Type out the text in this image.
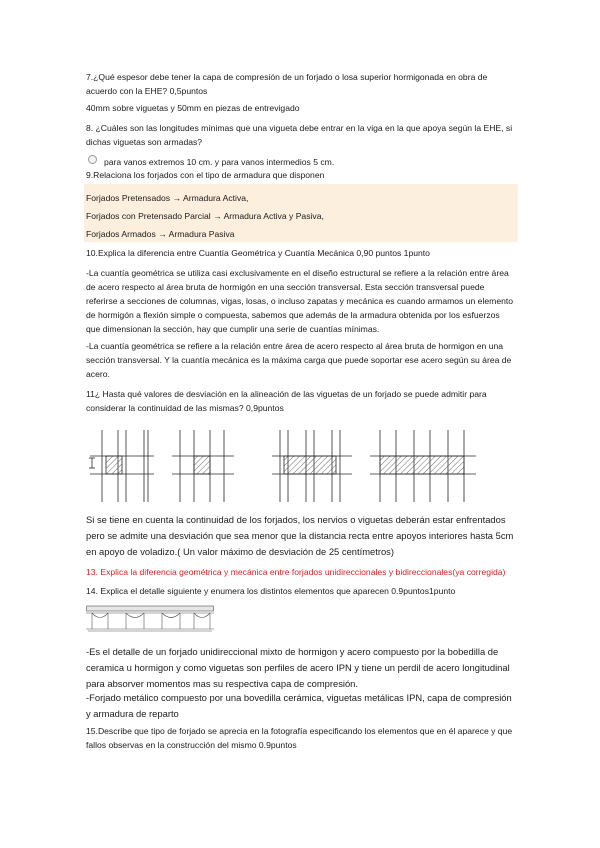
7.¿Qué espesor debe tener la capa de compresión de un forjado o losa superior hormigonada en obra de acuerdo con la EHE? 0,5puntos
40mm sobre viguetas y 50mm en piezas de entrevigado
8. ¿Cuáles son las longitudes mínimas que una vigueta debe entrar en la viga en la que apoya según la EHE, si dichas viguetas son armadas?
para vanos extremos 10 cm. y para vanos intermedios 5 cm.
9.Relaciona los forjados con el tipo de armadura que disponen
Forjados Pretensados → Armadura Activa,
Forjados con Pretensado Parcial → Armadura Activa y Pasiva,
Forjados Armados → Armadura Pasiva
10.Explica la diferencia entre Cuantía Geométrica y Cuantía Mecánica 0,90 puntos 1punto
-La cuantía geométrica se utiliza casi exclusivamente en el diseño estructural se refiere a la relación entre área de acero respecto al área bruta de hormigón en una sección transversal. Esta sección transversal puede referirse a secciones de columnas, vigas, losas, o incluso zapatas y mecánica es cuando armamos un elemento de hormigón a flexión simple o compuesta, sabemos que además de la armadura obtenida por los esfuerzos que dimensionan la sección, hay que cumplir una serie de cuantías mínimas.
-La cuantía geométrica se refiere a la relación entre área de acero respecto al área bruta de hormigon en una sección transversal. Y la cuantía mecánica es la máxima carga que puede soportar ese acero según su área de acero.
11¿ Hasta qué valores de desviación en la alineación de las viguetas de un forjado se puede admitir para considerar la continuidad de las mismas? 0,9puntos
Si se tiene en cuenta la continuidad de los forjados, los nervios o viguetas deberán estar enfrentados pero se admite una desviación que sea menor que la distancia recta entre apoyos interiores hasta 5cm en apoyo de voladizo.( Un valor máximo de desviación de 25 centímetros)
13. Explica la diferencia geométrica y mecánica entre forjados unidireccionales y bidireccionales(ya corregida)
14. Explica el detalle siguiente y enumera los distintos elementos que aparecen 0.9puntos1punto
-Es el detalle de un forjado unidireccional mixto de hormigon y acero compuesto por la bobedilla de ceramica u hormigon y como viguetas son perfiles de acero IPN y tiene un perdil de acero longitudinal para absorver momentos mas su respectiva capa de compresión.
-Forjado metálico compuesto por una bovedilla cerámica, viguetas metálicas IPN, capa de compresión y armadura de reparto
15.Describe que tipo de forjado se aprecia en la fotografía especificando los elementos que en él aparece y que fallos observas en la construcción del mismo 0.9puntos
